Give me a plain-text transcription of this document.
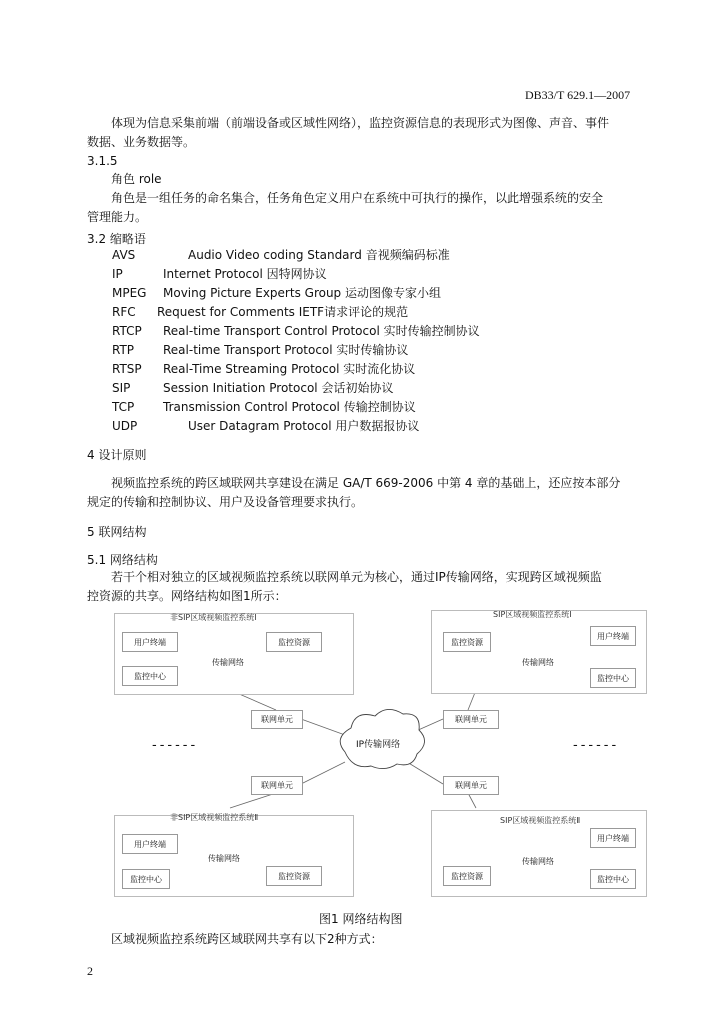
DB33/T 629.1—2007
体现为信息采集前端（前端设备或区域性网络），监控资源信息的表现形式为图像、声音、事件
数据、业务数据等。
3.1.5
角色 role
角色是一组任务的命名集合，任务角色定义用户在系统中可执行的操作，以此增强系统的安全
管理能力。
3.2 缩略语
AVS	Audio Video coding Standard 音视频编码标准
IP	Internet Protocol 因特网协议
MPEG Moving Picture Experts Group 运动图像专家小组
RFC Request for Comments IETF请求评论的规范
RTCP Real-time Transport Control Protocol 实时传输控制协议
RTP Real-time Transport Protocol 实时传输协议
RTSP Real-Time Streaming Protocol 实时流化协议
SIP	Session Initiation Protocol 会话初始协议
TCP Transmission Control Protocol 传输控制协议
UDP	User Datagram Protocol 用户数据报协议
4 设计原则
视频监控系统的跨区域联网共享建设在满足 GA/T 669-2006 中第 4 章的基础上，还应按本部分
规定的传输和控制协议、用户及设备管理要求执行。
5 联网结构
5.1 网络结构
若干个相对独立的区域视频监控系统以联网单元为核心，通过IP传输网络，实现跨区域视频监
控资源的共享。网络结构如图1所示：
非SIP区域视频监控系统Ⅰ
用户终端	监控资源
监控中心
传输网络
SIP区域视频监控系统Ⅰ
用户终端
监控资源
监控中心
传输网络
联网单元	联网单元
联网单元	联网单元
IP传输网络
------	------
非SIP区域视频监控系统Ⅱ
用户终端
监控中心	监控资源
传输网络
SIP区域视频监控系统Ⅱ
用户终端
监控资源	监控中心
传输网络
图1 网络结构图
区域视频监控系统跨区域联网共享有以下2种方式：
2
